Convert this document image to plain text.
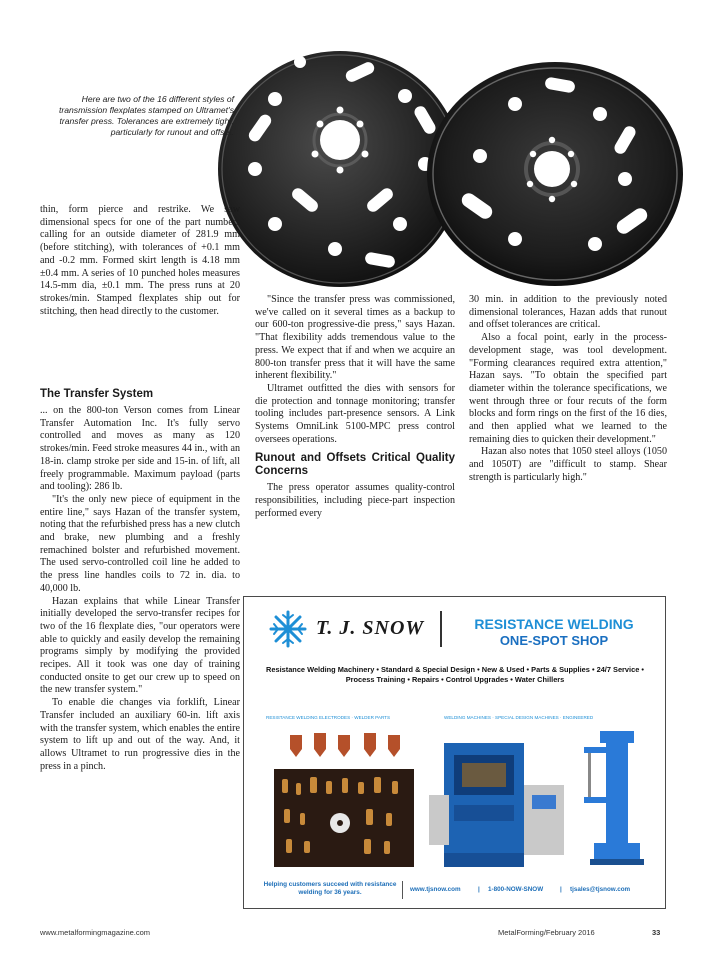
Here are two of the 16 different styles of transmission flexplates stamped on Ultramet's transfer press. Tolerances are extremely tight, particularly for runout and offset.

thin, form pierce and restrike. We saw dimensional specs for one of the part numbers calling for an outside diameter of 281.9 mm (before stitching), with tolerances of +0.1 mm and -0.2 mm. Formed skirt length is 4.18 mm ±0.4 mm. A series of 10 punched holes measures 14.5-mm dia, ±0.1 mm. The press runs at 20 strokes/min. Stamped flexplates ship out for stitching, then head directly to the customer.

The Transfer System

... on the 800-ton Verson comes from Linear Transfer Automation Inc. It's fully servo controlled and moves as many as 120 strokes/min. Feed stroke measures 44 in., with an 18-in. clamp stroke per side and 15-in. of lift, all freely programmable. Maximum payload (parts and tooling): 286 lb.

"It's the only new piece of equipment in the entire line," says Hazan of the transfer system, noting that the refurbished press has a new clutch and brake, new plumbing and a freshly remachined bolster and refurbished movement. The used servo-controlled coil line he added to the press line handles coils to 72 in. dia. to 40,000 lb.

Hazan explains that while Linear Transfer initially developed the servo-transfer recipes for two of the 16 flexplate dies, "our operators were able to quickly and easily develop the remaining programs simply by modifying the provided recipes. All it took was one day of training conducted onsite to get our crew up to speed on the new transfer system."

To enable die changes via forklift, Linear Transfer included an auxiliary 60-in. lift axis with the transfer system, which enables the entire system to lift up and out of the way. And, it allows Ultramet to run progressive dies in the press in a pinch.

"Since the transfer press was commissioned, we've called on it several times as a backup to our 600-ton progressive-die press," says Hazan. "That flexibility adds tremendous value to the press. We expect that if and when we acquire an 800-ton transfer press that it will have the same inherent flexibility."

Ultramet outfitted the dies with sensors for die protection and tonnage monitoring; transfer tooling includes part-presence sensors. A Link Systems OmniLink 5100-MPC press control oversees operations.

Runout and Offsets Critical Quality Concerns

The press operator assumes quality-control responsibilities, including piece-part inspection performed every

30 min. in addition to the previously noted dimensional tolerances, Hazan adds that runout and offset tolerances are critical.

Also a focal point, early in the process-development stage, was tool development. "Forming clearances required extra attention," Hazan says. "To obtain the specified part diameter within the tolerance specifications, we went through three or four recuts of the form blocks and form rings on the first of the 16 dies, and then applied what we learned to the remaining dies to quicken their development."

Hazan also notes that 1050 steel alloys (1050 and 1050T) are "difficult to stamp. Shear strength is particularly high."

T. J. SNOW	RESISTANCE WELDING
ONE-SPOT SHOP
Resistance Welding Machinery • Standard & Special Design • New & Used • Parts & Supplies • 24/7 Service • Process Training • Repairs • Control Upgrades • Water Chillers
RESISTANCE WELDING ELECTRODES · WELDER PARTS	WELDING MACHINES · SPECIAL DESIGN MACHINES · ENGINEERED
Helping customers succeed with resistance welding for 36 years.	www.tjsnow.com	| 1-800-NOW-SNOW	| tjsales@tjsnow.com
www.metalformingmagazine.com	MetalForming/February 2016	33
